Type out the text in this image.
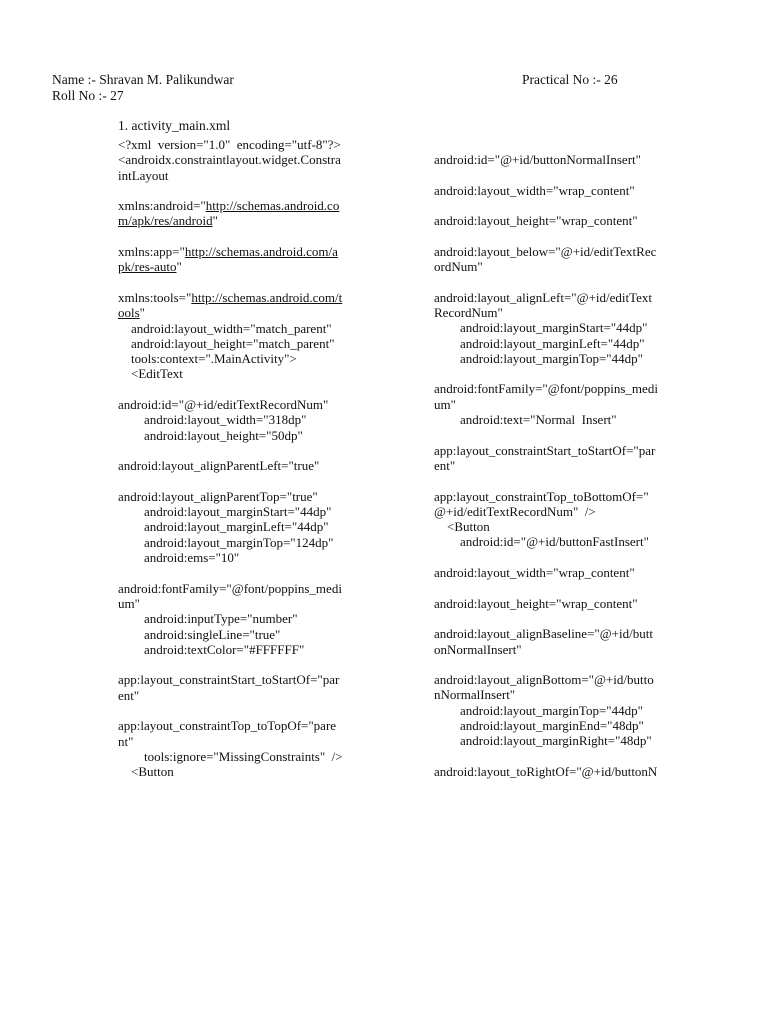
Name :- Shravan M. Palikundwar
Roll No :- 27
Practical No :- 26
1. activity_main.xml
<?xml  version="1.0"  encoding="utf-8"?>
<androidx.constraintlayout.widget.Constra
intLayout
xmlns:android="http://schemas.android.co
m/apk/res/android"
xmlns:app="http://schemas.android.com/a
pk/res-auto"
xmlns:tools="http://schemas.android.com/t
ools"
android:layout_width="match_parent"
android:layout_height="match_parent"
tools:context=".MainActivity">
<EditText
android:id="@+id/editTextRecordNum"
android:layout_width="318dp"
android:layout_height="50dp"
android:layout_alignParentLeft="true"
android:layout_alignParentTop="true"
android:layout_marginStart="44dp"
android:layout_marginLeft="44dp"
android:layout_marginTop="124dp"
android:ems="10"
android:fontFamily="@font/poppins_medi
um"
android:inputType="number"
android:singleLine="true"
android:textColor="#FFFFFF"
app:layout_constraintStart_toStartOf="par
ent"
app:layout_constraintTop_toTopOf="pare
nt"
tools:ignore="MissingConstraints"  />
<Button
android:id="@+id/buttonNormalInsert"
android:layout_width="wrap_content"
android:layout_height="wrap_content"
android:layout_below="@+id/editTextRec
ordNum"
android:layout_alignLeft="@+id/editText
RecordNum"
android:layout_marginStart="44dp"
android:layout_marginLeft="44dp"
android:layout_marginTop="44dp"
android:fontFamily="@font/poppins_medi
um"
android:text="Normal  Insert"
app:layout_constraintStart_toStartOf="par
ent"
app:layout_constraintTop_toBottomOf="
@+id/editTextRecordNum"  />
<Button
android:id="@+id/buttonFastInsert"
android:layout_width="wrap_content"
android:layout_height="wrap_content"
android:layout_alignBaseline="@+id/butt
onNormalInsert"
android:layout_alignBottom="@+id/butto
nNormalInsert"
android:layout_marginTop="44dp"
android:layout_marginEnd="48dp"
android:layout_marginRight="48dp"
android:layout_toRightOf="@+id/buttonN
